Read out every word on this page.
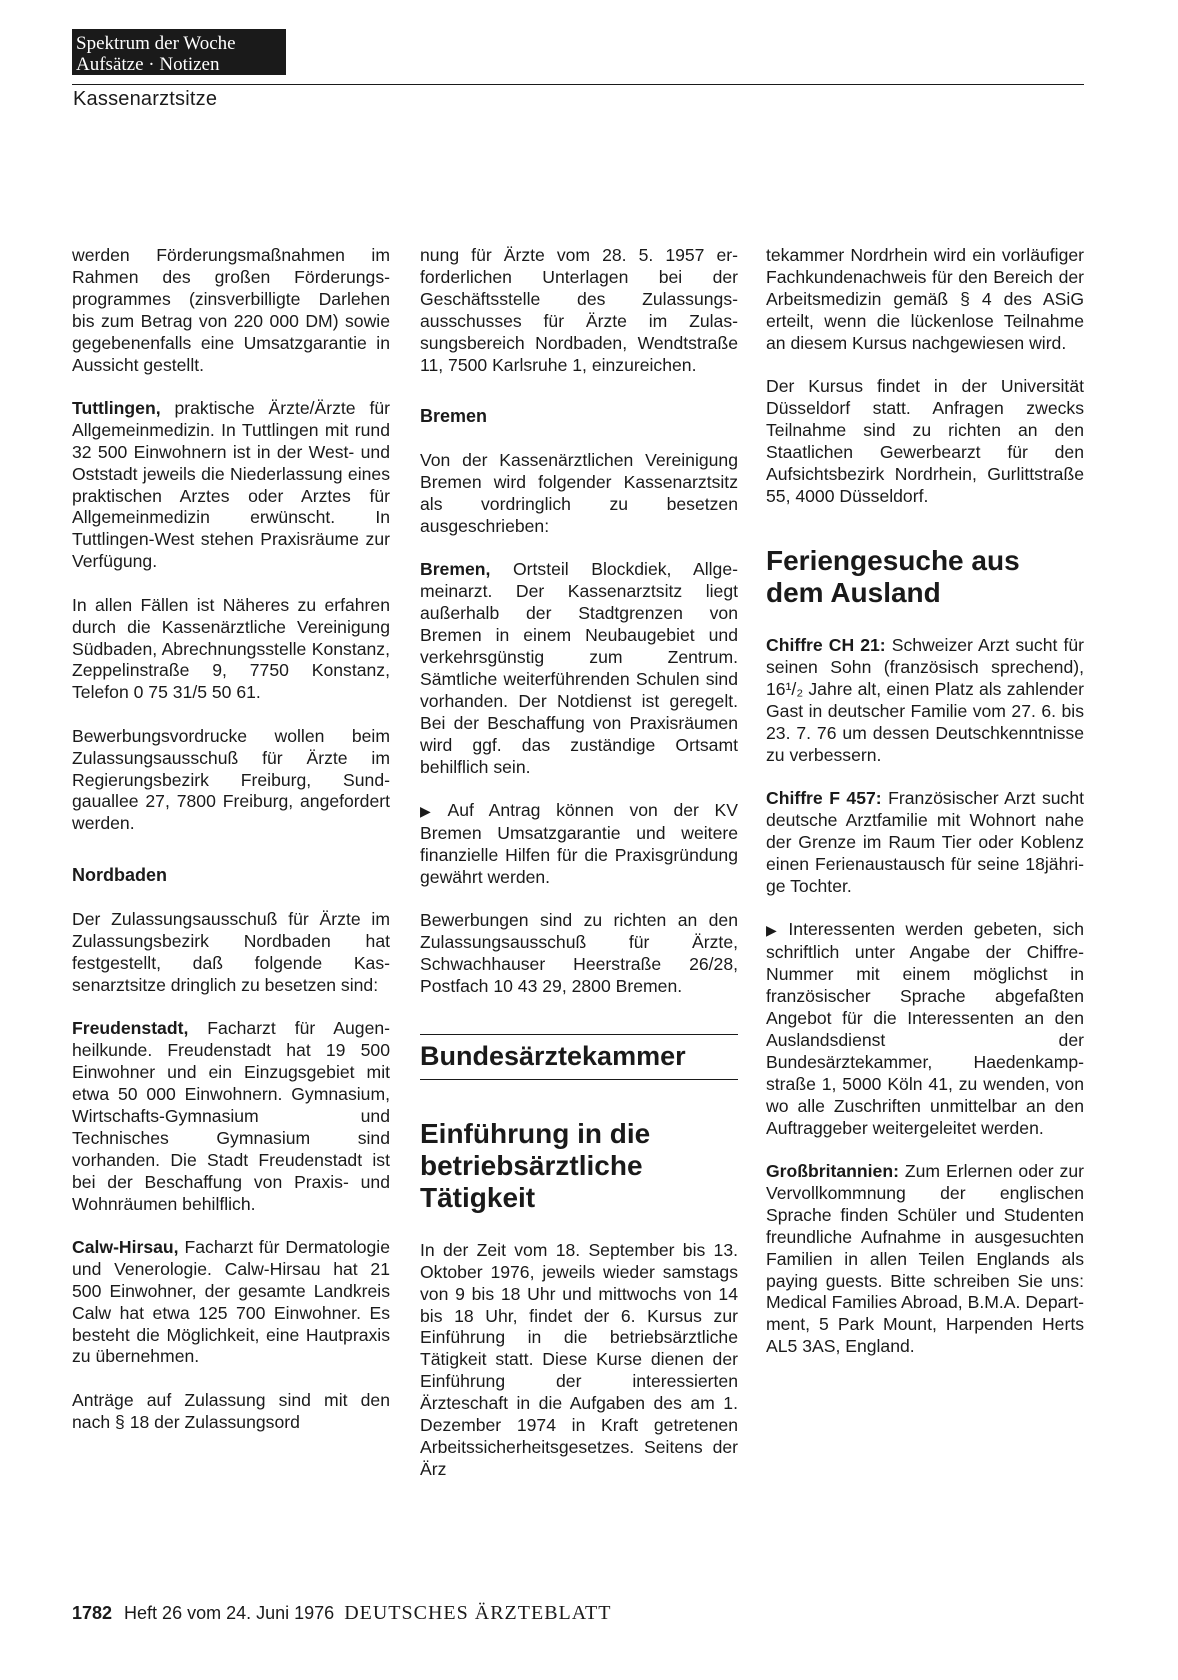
Spektrum der Woche
Aufsätze · Notizen
Kassenarztsitze

werden Förderungsmaßnahmen im Rahmen des großen Förderungsprogrammes (zinsverbilligte Darlehen bis zum Betrag von 220 000 DM) sowie gegebenenfalls eine Umsatzgarantie in Aussicht gestellt.

Tuttlingen, praktische Ärzte/Ärzte für Allgemeinmedizin. In Tuttlingen mit rund 32 500 Einwohnern ist in der West- und Oststadt jeweils die Niederlassung eines praktischen Arztes oder Arztes für Allgemeinmedizin erwünscht. In Tuttlingen-West stehen Praxisräume zur Verfügung.

In allen Fällen ist Näheres zu erfahren durch die Kassenärztliche Vereinigung Südbaden, Abrechnungsstelle Konstanz, Zeppelinstraße 9, 7750 Konstanz, Telefon 0 75 31/5 50 61.

Bewerbungsvordrucke wollen beim Zulassungsausschuß für Ärzte im Regierungsbezirk Freiburg, Sundgauallee 27, 7800 Freiburg, angefordert werden.

Nordbaden

Der Zulassungsausschuß für Ärzte im Zulassungsbezirk Nordbaden hat festgestellt, daß folgende Kassenarztsitze dringlich zu besetzen sind:

Freudenstadt, Facharzt für Augenheilkunde. Freudenstadt hat 19 500 Einwohner und ein Einzugsgebiet mit etwa 50 000 Einwohnern. Gymnasium, Wirtschafts-Gymnasium und Technisches Gymnasium sind vorhanden. Die Stadt Freudenstadt ist bei der Beschaffung von Praxis- und Wohnräumen behilflich.

Calw-Hirsau, Facharzt für Dermatologie und Venerologie. Calw-Hirsau hat 21 500 Einwohner, der gesamte Landkreis Calw hat etwa 125 700 Einwohner. Es besteht die Möglichkeit, eine Hautpraxis zu übernehmen.

Anträge auf Zulassung sind mit den nach § 18 der Zulassungsord

nung für Ärzte vom 28. 5. 1957 erforderlichen Unterlagen bei der Geschäftsstelle des Zulassungsausschusses für Ärzte im Zulassungsbereich Nordbaden, Wendtstraße 11, 7500 Karlsruhe 1, einzureichen.

Bremen

Von der Kassenärztlichen Vereinigung Bremen wird folgender Kassenarztsitz als vordringlich zu besetzen ausgeschrieben:

Bremen, Ortsteil Blockdiek, Allgemeinarzt. Der Kassenarztsitz liegt außerhalb der Stadtgrenzen von Bremen in einem Neubaugebiet und verkehrsgünstig zum Zentrum. Sämtliche weiterführenden Schulen sind vorhanden. Der Notdienst ist geregelt. Bei der Beschaffung von Praxisräumen wird ggf. das zuständige Ortsamt behilflich sein.

▶ Auf Antrag können von der KV Bremen Umsatzgarantie und weitere finanzielle Hilfen für die Praxisgründung gewährt werden.

Bewerbungen sind zu richten an den Zulassungsausschuß für Ärzte, Schwachhauser Heerstraße 26/28, Postfach 10 43 29, 2800 Bremen.

Bundesärztekammer
Einführung in die betriebsärztliche Tätigkeit

In der Zeit vom 18. September bis 13. Oktober 1976, jeweils wieder samstags von 9 bis 18 Uhr und mittwochs von 14 bis 18 Uhr, findet der 6. Kursus zur Einführung in die betriebsärztliche Tätigkeit statt. Diese Kurse dienen der Einführung der interessierten Ärzteschaft in die Aufgaben des am 1. Dezember 1974 in Kraft getretenen Arbeitssicherheitsgesetzes. Seitens der Ärz

tekammer Nordrhein wird ein vorläufiger Fachkundenachweis für den Bereich der Arbeitsmedizin gemäß § 4 des ASiG erteilt, wenn die lückenlose Teilnahme an diesem Kursus nachgewiesen wird.

Der Kursus findet in der Universität Düsseldorf statt. Anfragen zwecks Teilnahme sind zu richten an den Staatlichen Gewerbearzt für den Aufsichtsbezirk Nordrhein, Gurlittstraße 55, 4000 Düsseldorf.

Feriengesuche aus dem Ausland

Chiffre CH 21: Schweizer Arzt sucht für seinen Sohn (französisch sprechend), 16¹/₂ Jahre alt, einen Platz als zahlender Gast in deutscher Familie vom 27. 6. bis 23. 7. 76 um dessen Deutschkenntnisse zu verbessern.

Chiffre F 457: Französischer Arzt sucht deutsche Arztfamilie mit Wohnort nahe der Grenze im Raum Tier oder Koblenz einen Ferienaustausch für seine 18jährige Tochter.

▶ Interessenten werden gebeten, sich schriftlich unter Angabe der Chiffre-Nummer mit einem möglichst in französischer Sprache abgefaßten Angebot für die Interessenten an den Auslandsdienst der Bundesärztekammer, Haedenkampstraße 1, 5000 Köln 41, zu wenden, von wo alle Zuschriften unmittelbar an den Auftraggeber weitergeleitet werden.

Großbritannien: Zum Erlernen oder zur Vervollkommnung der englischen Sprache finden Schüler und Studenten freundliche Aufnahme in ausgesuchten Familien in allen Teilen Englands als paying guests. Bitte schreiben Sie uns: Medical Families Abroad, B.M.A. Department, 5 Park Mount, Harpenden Herts AL5 3AS, England.

1782 Heft 26 vom 24. Juni 1976 DEUTSCHES ÄRZTEBLATT
